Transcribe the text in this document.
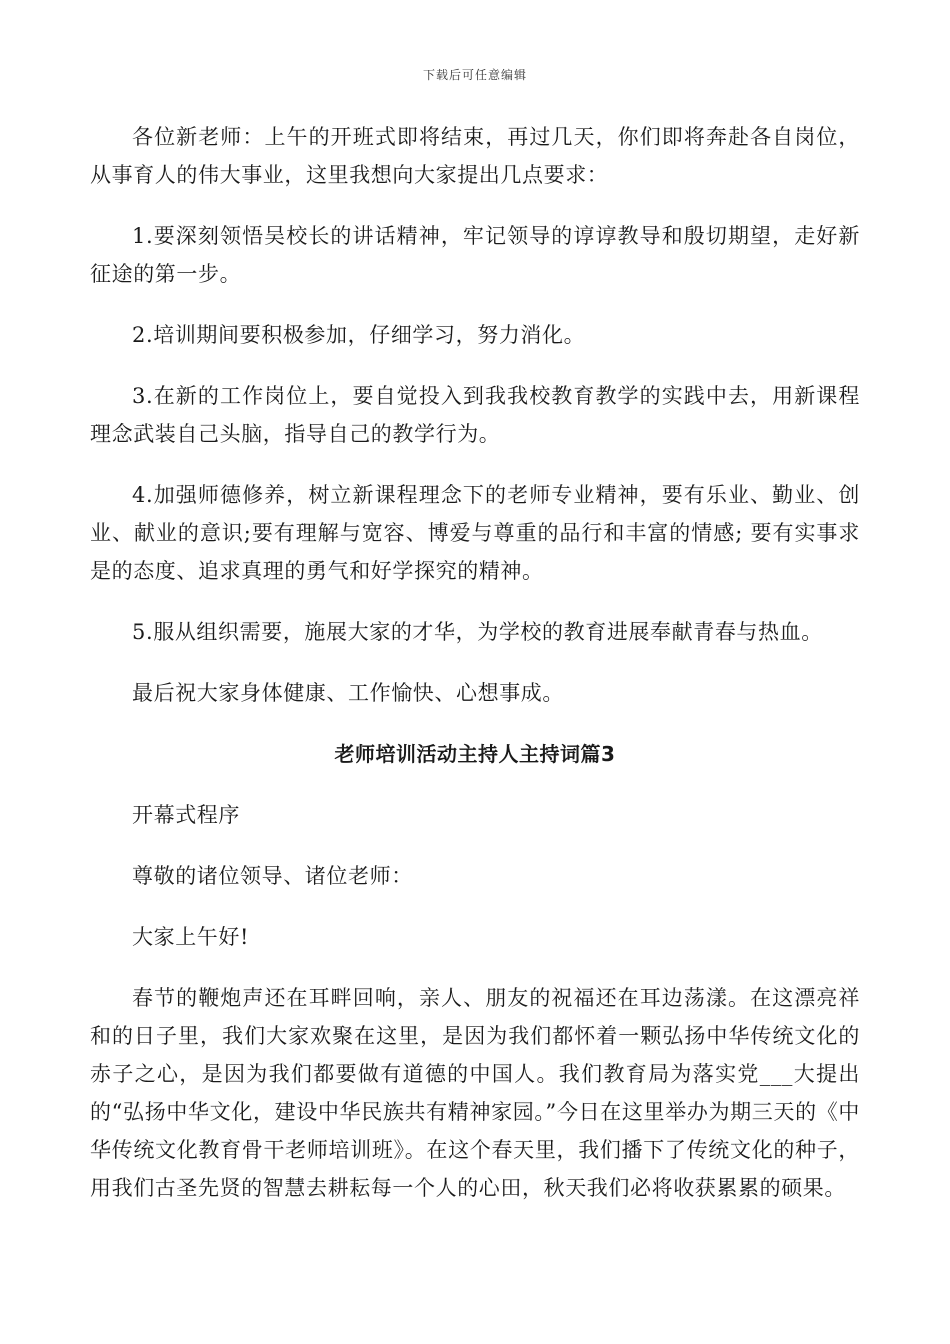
下载后可任意编辑

各位新老师：上午的开班式即将结束，再过几天，你们即将奔赴各自岗位，从事育人的伟大事业，这里我想向大家提出几点要求：

1.要深刻领悟吴校长的讲话精神，牢记领导的谆谆教导和殷切期望，走好新征途的第一步。

2.培训期间要积极参加，仔细学习，努力消化。

3.在新的工作岗位上，要自觉投入到我我校教育教学的实践中去，用新课程理念武装自己头脑，指导自己的教学行为。

4.加强师德修养，树立新课程理念下的老师专业精神，要有乐业、勤业、创业、献业的意识;要有理解与宽容、博爱与尊重的品行和丰富的情感; 要有实事求是的态度、追求真理的勇气和好学探究的精神。

5.服从组织需要，施展大家的才华，为学校的教育进展奉献青春与热血。

最后祝大家身体健康、工作愉快、心想事成。

老师培训活动主持人主持词篇3

开幕式程序

尊敬的诸位领导、诸位老师：

大家上午好!

春节的鞭炮声还在耳畔回响，亲人、朋友的祝福还在耳边荡漾。在这漂亮祥和的日子里，我们大家欢聚在这里，是因为我们都怀着一颗弘扬中华传统文化的赤子之心，是因为我们都要做有道德的中国人。我们教育局为落实党___大提出的“弘扬中华文化，建设中华民族共有精神家园。”今日在这里举办为期三天的《中华传统文化教育骨干老师培训班》。在这个春天里，我们播下了传统文化的种子，用我们古圣先贤的智慧去耕耘每一个人的心田，秋天我们必将收获累累的硕果。
